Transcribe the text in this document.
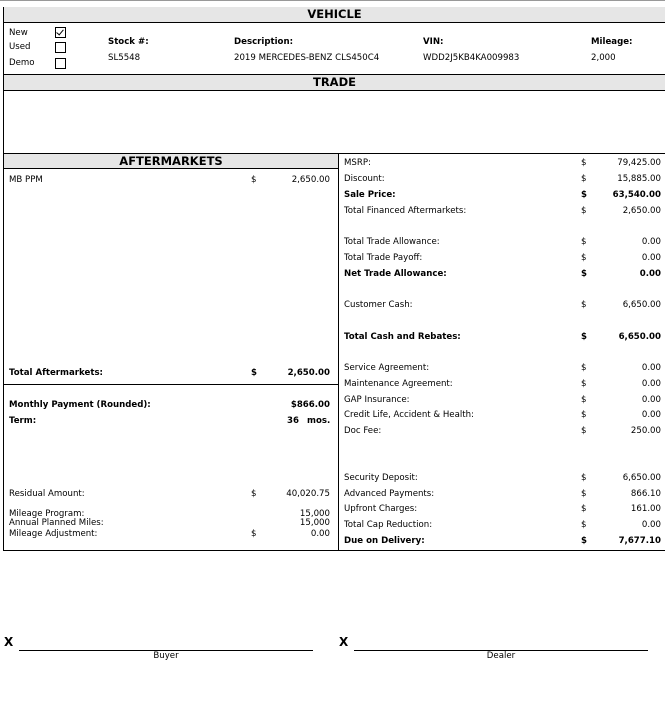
VEHICLE
New
Used
Demo
Stock #:
SL5548
Description:
2019 MERCEDES-BENZ CLS450C4
VIN:
WDD2J5KB4KA009983
Mileage:
2,000
TRADE
AFTERMARKETS
MB PPM	$	2,650.00
Total Aftermarkets:	$	2,650.00
Monthly Payment (Rounded):	$866.00
Term:	36 mos.
Residual Amount:	$	40,020.75
Mileage Program:	15,000
Annual Planned Miles:	15,000
Mileage Adjustment:	$	0.00
MSRP:	$	79,425.00
Discount:	$	15,885.00
Sale Price:	$	63,540.00
Total Financed Aftermarkets:	$	2,650.00
Total Trade Allowance:	$	0.00
Total Trade Payoff:	$	0.00
Net Trade Allowance:	$	0.00
Customer Cash:	$	6,650.00
Total Cash and Rebates:	$	6,650.00
Service Agreement:	$	0.00
Maintenance Agreement:	$	0.00
GAP Insurance:	$	0.00
Credit Life, Accident & Health:	$	0.00
Doc Fee:	$	250.00
Security Deposit:	$	6,650.00
Advanced Payments:	$	866.10
Upfront Charges:	$	161.00
Total Cap Reduction:	$	0.00
Due on Delivery:	$	7,677.10
X
Buyer
X
Dealer
